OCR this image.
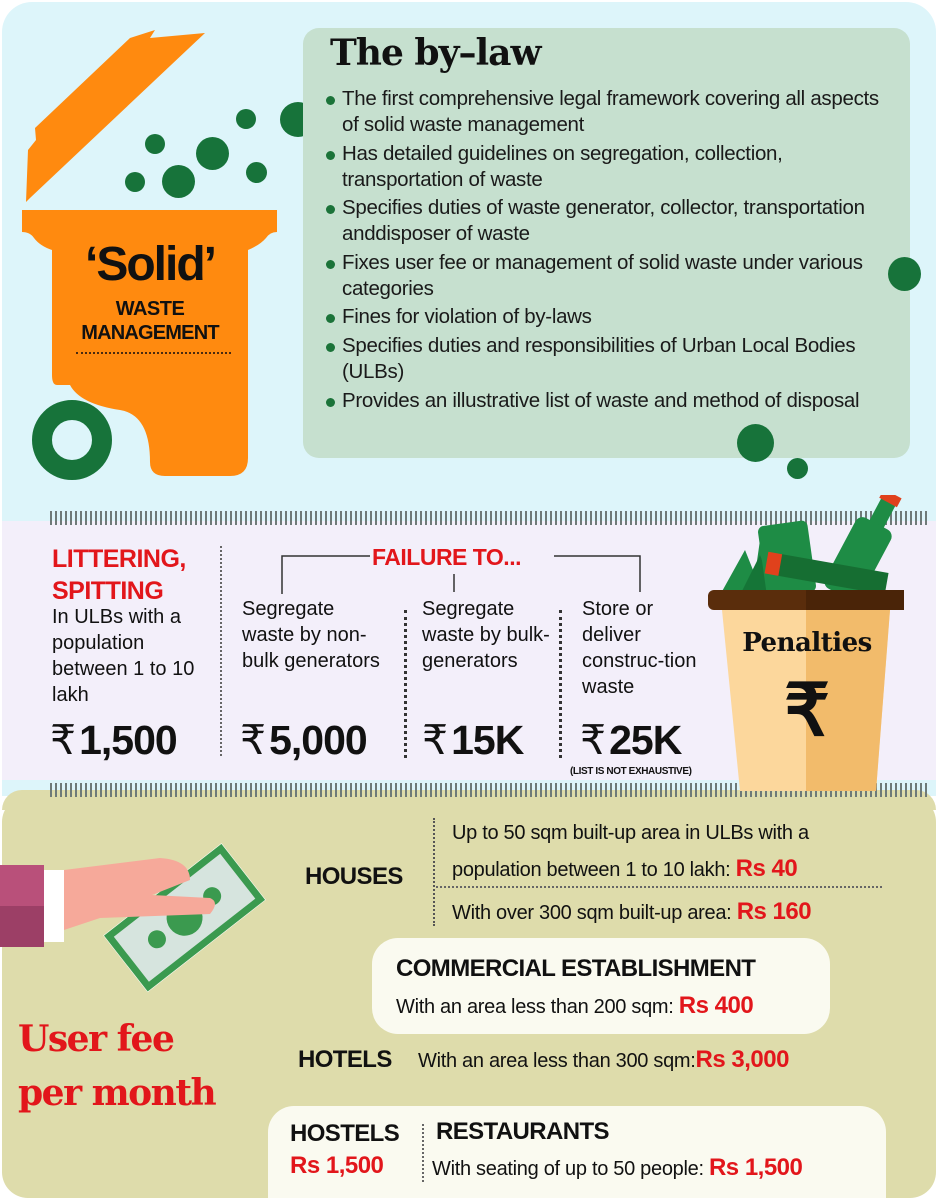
‘Solid’
WASTE
MANAGEMENT
The by–law
The first comprehensive legal framework covering all aspects of solid waste management
Has detailed guidelines on segregation, collection, transportation of waste
Specifies duties of waste generator, collector, transportation anddisposer of waste
Fixes user fee or management of solid waste under various categories
Fines for violation of by-laws
Specifies duties and responsibilities of Urban Local Bodies (ULBs)
Provides an illustrative list of waste and method of disposal
LITTERING,
SPITTING
In ULBs with a population between 1 to 10 lakh
₹1,500
FAILURE TO...
Segregate waste by non-bulk generators
Segregate waste by bulk-generators
Store or deliver construc-tion waste
₹5,000 ₹15K ₹25K
(LIST IS NOT EXHAUSTIVE)
Penalties
₹
User fee
per month
HOUSES
Up to 50 sqm built-up area in ULBs with a
population between 1 to 10 lakh: Rs 40
With over 300 sqm built-up area: Rs 160
COMMERCIAL ESTABLISHMENT
With an area less than 200 sqm: Rs 400
HOTELS With an area less than 300 sqm:Rs 3,000
HOSTELS
Rs 1,500
RESTAURANTS
With seating of up to 50 people: Rs 1,500
